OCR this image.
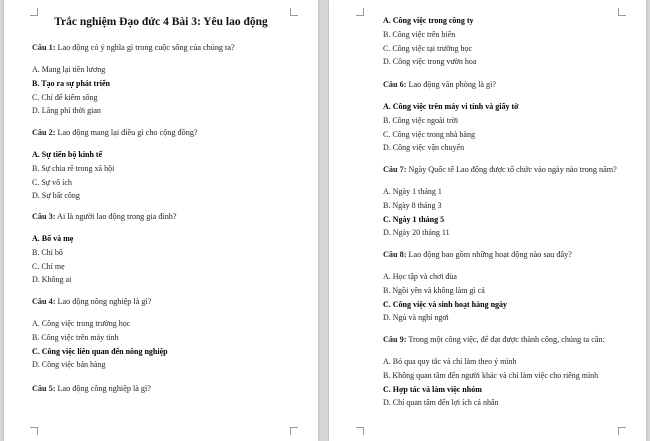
Trắc nghiệm Đạo đức 4 Bài 3: Yêu lao động
Câu 1: Lao động có ý nghĩa gì trong cuộc sống của chúng ta?
A. Mang lại tiền lương
B. Tạo ra sự phát triển
C. Chỉ để kiếm sống
D. Lãng phí thời gian
Câu 2: Lao động mang lại điều gì cho cộng đồng?
A. Sự tiến bộ kinh tế
B. Sự chia rẽ trong xã hội
C. Sự vô ích
D. Sự bất công
Câu 3: Ai là người lao động trong gia đình?
A. Bố và mẹ
B. Chỉ bố
C. Chỉ mẹ
D. Không ai
Câu 4: Lao động nông nghiệp là gì?
A. Công việc trong trường học
B. Công việc trên máy tính
C. Công việc liên quan đến nông nghiệp
D. Công việc bán hàng
Câu 5: Lao động công nghiệp là gì?
A. Công việc trong công ty
B. Công việc trên biển
C. Công việc tại trường học
D. Công việc trong vườn hoa
Câu 6: Lao động văn phòng là gì?
A. Công việc trên máy vi tính và giấy tờ
B. Công việc ngoài trời
C. Công việc trong nhà hàng
D. Công việc vận chuyển
Câu 7: Ngày Quốc tế Lao động được tổ chức vào ngày nào trong năm?
A. Ngày 1 tháng 1
B. Ngày 8 tháng 3
C. Ngày 1 tháng 5
D. Ngày 20 tháng 11
Câu 8: Lao động bao gồm những hoạt động nào sau đây?
A. Học tập và chơi đùa
B. Ngồi yên và không làm gì cả
C. Công việc và sinh hoạt hàng ngày
D. Ngủ và nghỉ ngơi
Câu 9: Trong một công việc, để đạt được thành công, chúng ta cần:
A. Bỏ qua quy tắc và chỉ làm theo ý mình
B. Không quan tâm đến người khác và chỉ làm việc cho riêng mình
C. Hợp tác và làm việc nhóm
D. Chỉ quan tâm đến lợi ích cá nhân
